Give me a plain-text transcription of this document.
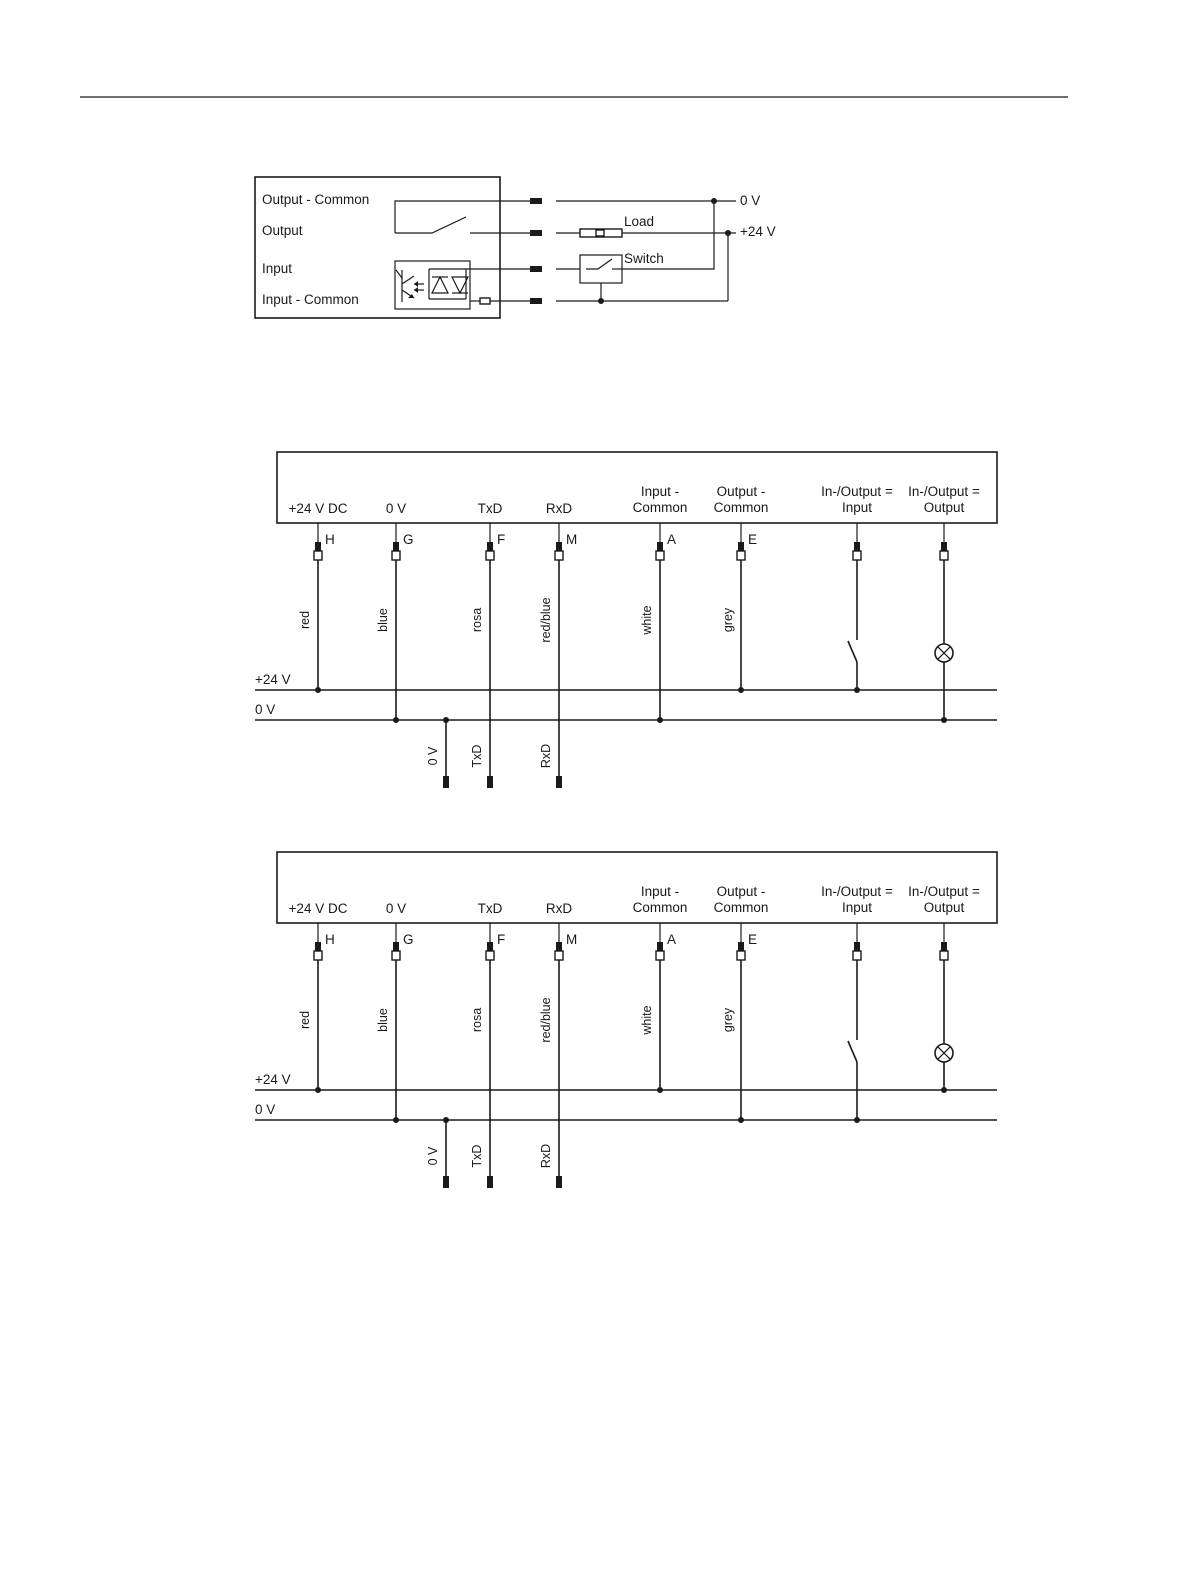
Output - Common
Output
Input
Input - Common
0 V
Load
+24 V
Switch
+24 V DC
H
red
0 V
G
blue
TxD
F
rosa
RxD
M
red/blue
Input -
Common
A
white
Output -
Common
E
grey
In-/Output =
Input
In-/Output =
Output
+24 V
0 V
0 V TxD	RxD
+24 V DC
H
red
0 V
G
blue
TxD
F
rosa
RxD
M
red/blue
Input -
Common
A
white
Output -
Common
E
grey
In-/Output =
Input
In-/Output =
Output
+24 V
0 V
0 V TxD	RxD
